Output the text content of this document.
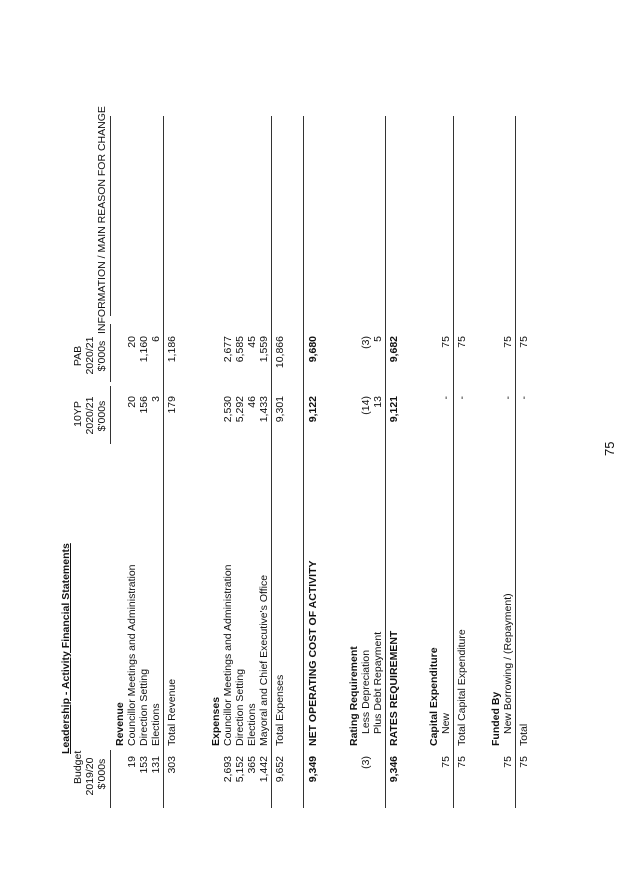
Leadership - Activity Financial Statements
Budget 2019/20 $'000s
10YP 2020/21 $'000s
PAB 2020/21 $'000s
INFORMATION / MAIN REASON FOR CHANGE
Revenue
19
Councillor Meetings and Administration
20
20
153
Direction Setting
156
1,160
131
Elections
3
6
303
Total Revenue
179
1,186
Expenses
2,693
Councillor Meetings and Administration
2,530
2,677
5,152
Direction Setting
5,292
6,585
365
Elections
46
45
1,442
Mayoral and Chief Executive's Office
1,433
1,559
9,652
Total Expenses
9,301
10,866
9,349
NET OPERATING COST OF ACTIVITY
9,122
9,680
Rating Requirement
(3)
Less Depreciation
(14)
(3)
Plus Debt Repayment
13
5
9,346
RATES REQUIREMENT
9,121
9,682
Capital Expenditure
75
New
-
75
75
Total Capital Expenditure
-
75
Funded By
75
New Borrowing / (Repayment)
-
75
75
Total
-
75
75
